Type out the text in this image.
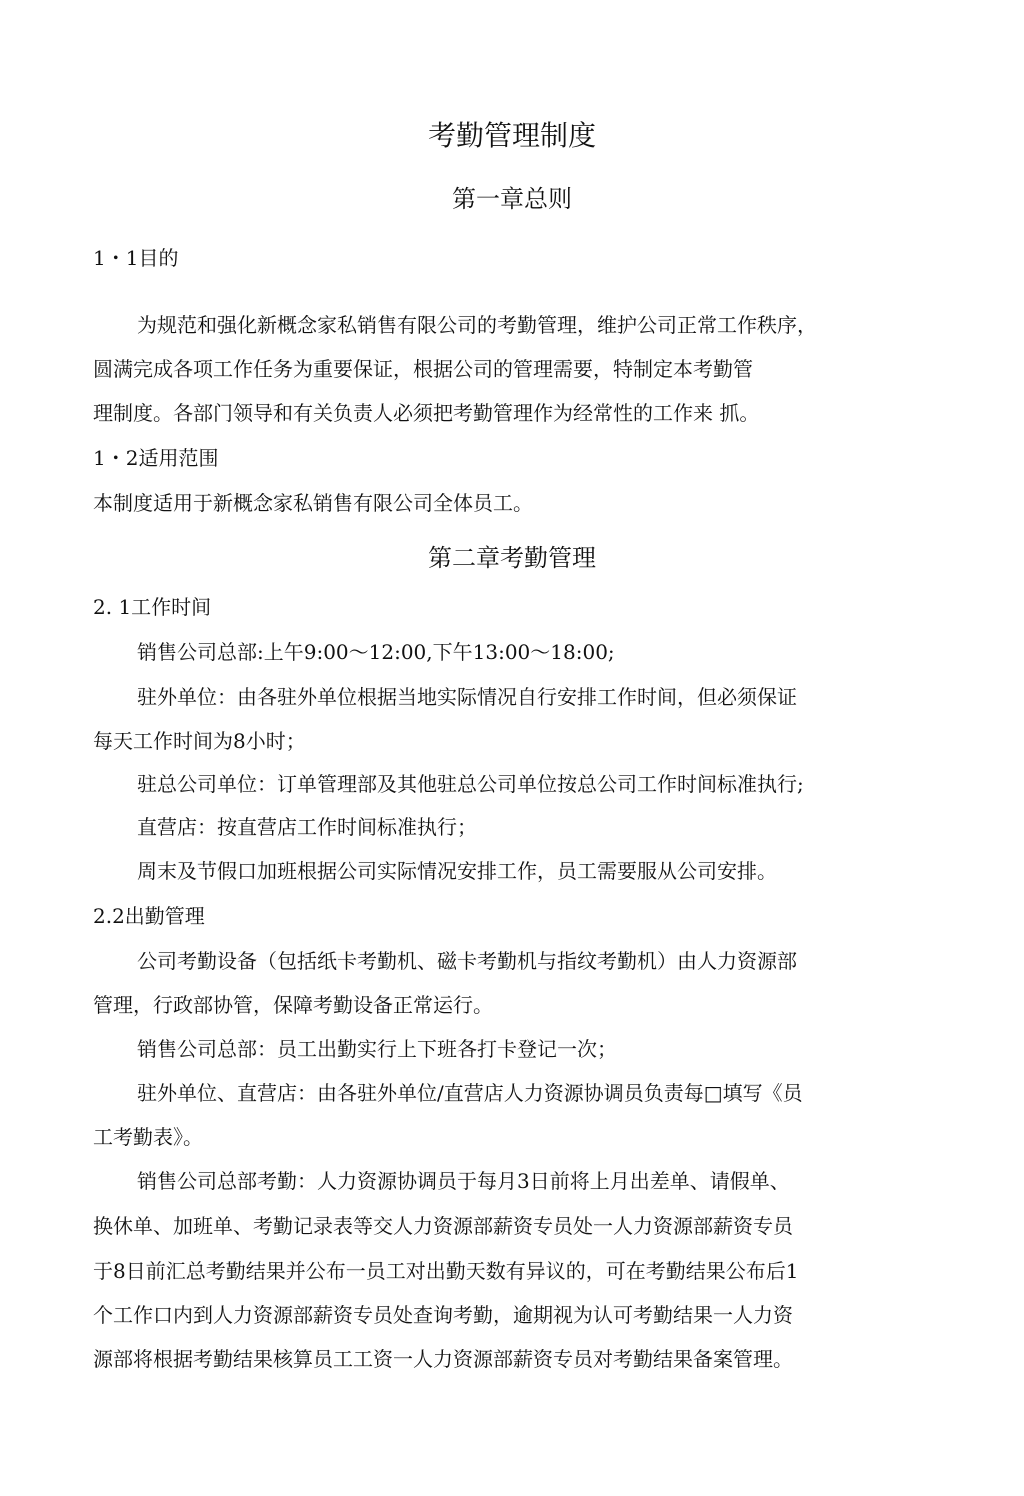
考勤管理制度
第一章总则
1・1目的
为规范和强化新概念家私销售有限公司的考勤管理，维护公司正常工作秩序，
圆满完成各项工作任务为重要保证，根据公司的管理需要，特制定本考勤管
理制度。各部门领导和有关负责人必须把考勤管理作为经常性的工作来 抓。
1・2适用范围
本制度适用于新概念家私销售有限公司全体员工。
第二章考勤管理
2. 1工作时间
销售公司总部:上午9:00～12:00,下午13:00～18:00;
驻外单位：由各驻外单位根据当地实际情况自行安排工作时间，但必须保证
每天工作时间为8小时；
驻总公司单位：订单管理部及其他驻总公司单位按总公司工作时间标准执行;
直营店：按直营店工作时间标准执行；
周末及节假口加班根据公司实际情况安排工作，员工需要服从公司安排。
2.2出勤管理
公司考勤设备（包括纸卡考勤机、磁卡考勤机与指纹考勤机）由人力资源部
管理，行政部协管，保障考勤设备正常运行。
销售公司总部：员工出勤实行上下班各打卡登记一次；
驻外单位、直营店：由各驻外单位/直营店人力资源协调员负责每□填写《员
工考勤表》。
销售公司总部考勤：人力资源协调员于每月3日前将上月出差单、请假单、
换休单、加班单、考勤记录表等交人力资源部薪资专员处一人力资源部薪资专员
于8日前汇总考勤结果并公布一员工对出勤天数有异议的，可在考勤结果公布后1
个工作口内到人力资源部薪资专员处查询考勤，逾期视为认可考勤结果一人力资
源部将根据考勤结果核算员工工资一人力资源部薪资专员对考勤结果备案管理。
